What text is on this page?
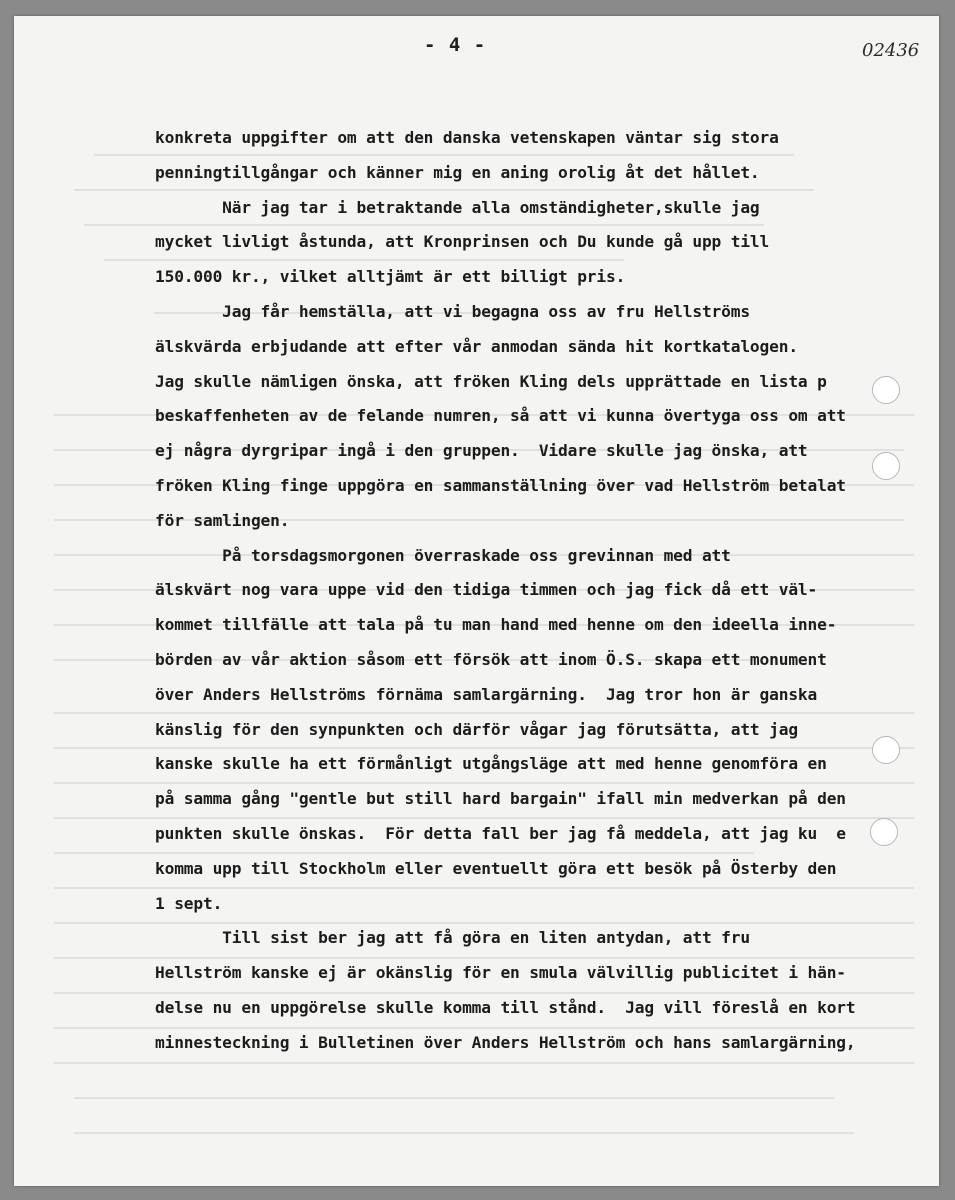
- 4 -	02436

konkreta uppgifter om att den danska vetenskapen väntar sig stora

penningtillgångar och känner mig en aning orolig åt det hållet.

När jag tar i betraktande alla omständigheter,skulle jag

mycket livligt åstunda, att Kronprinsen och Du kunde gå upp till

150.000 kr., vilket alltjämt är ett billigt pris.

Jag får hemställa, att vi begagna oss av fru Hellströms

älskvärda erbjudande att efter vår anmodan sända hit kortkatalogen.

Jag skulle nämligen önska, att fröken Kling dels upprättade en lista p

beskaffenheten av de felande numren, så att vi kunna övertyga oss om att

ej några dyrgripar ingå i den gruppen.  Vidare skulle jag önska, att

fröken Kling finge uppgöra en sammanställning över vad Hellström betalat

för samlingen.

På torsdagsmorgonen överraskade oss grevinnan med att

älskvärt nog vara uppe vid den tidiga timmen och jag fick då ett väl-

kommet tillfälle att tala på tu man hand med henne om den ideella inne-

börden av vår aktion såsom ett försök att inom Ö.S. skapa ett monument

över Anders Hellströms förnäma samlargärning.  Jag tror hon är ganska

känslig för den synpunkten och därför vågar jag förutsätta, att jag

kanske skulle ha ett förmånligt utgångsläge att med henne genomföra en

på samma gång "gentle but still hard bargain" ifall min medverkan på den

punkten skulle önskas.  För detta fall ber jag få meddela, att jag ku  e

komma upp till Stockholm eller eventuellt göra ett besök på Österby den

1 sept.

Till sist ber jag att få göra en liten antydan, att fru

Hellström kanske ej är okänslig för en smula välvillig publicitet i hän-

delse nu en uppgörelse skulle komma till stånd.  Jag vill föreslå en kort

minnesteckning i Bulletinen över Anders Hellström och hans samlargärning,
